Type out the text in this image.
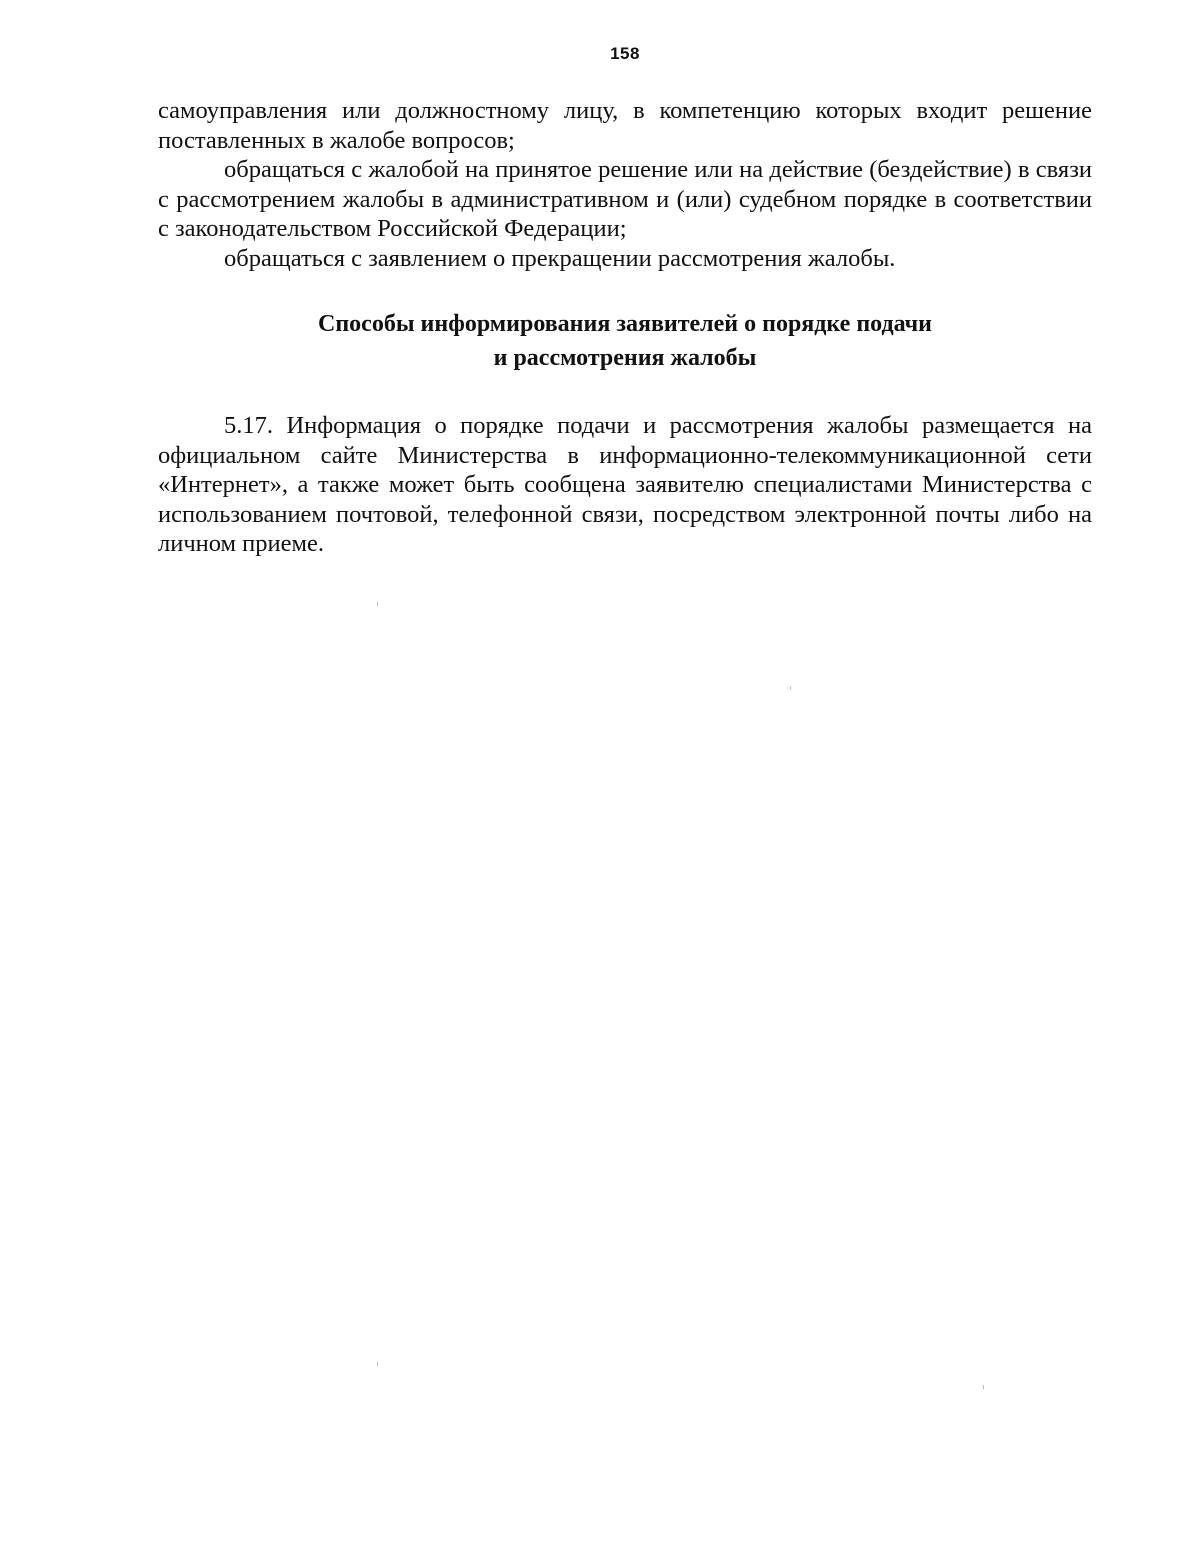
158

самоуправления или должностному лицу, в компетенцию которых входит решение поставленных в жалобе вопросов;

обращаться с жалобой на принятое решение или на действие (бездействие) в связи с рассмотрением жалобы в административном и (или) судебном порядке в соответствии с законодательством Российской Федерации;

обращаться с заявлением о прекращении рассмотрения жалобы.

Способы информирования заявителей о порядке подачи
и рассмотрения жалобы

5.17. Информация о порядке подачи и рассмотрения жалобы размещается на официальном сайте Министерства в информационно-телекоммуникационной сети «Интернет», а также может быть сообщена заявителю специалистами Министерства с использованием почтовой, телефонной связи, посредством электронной почты либо на личном приеме.
